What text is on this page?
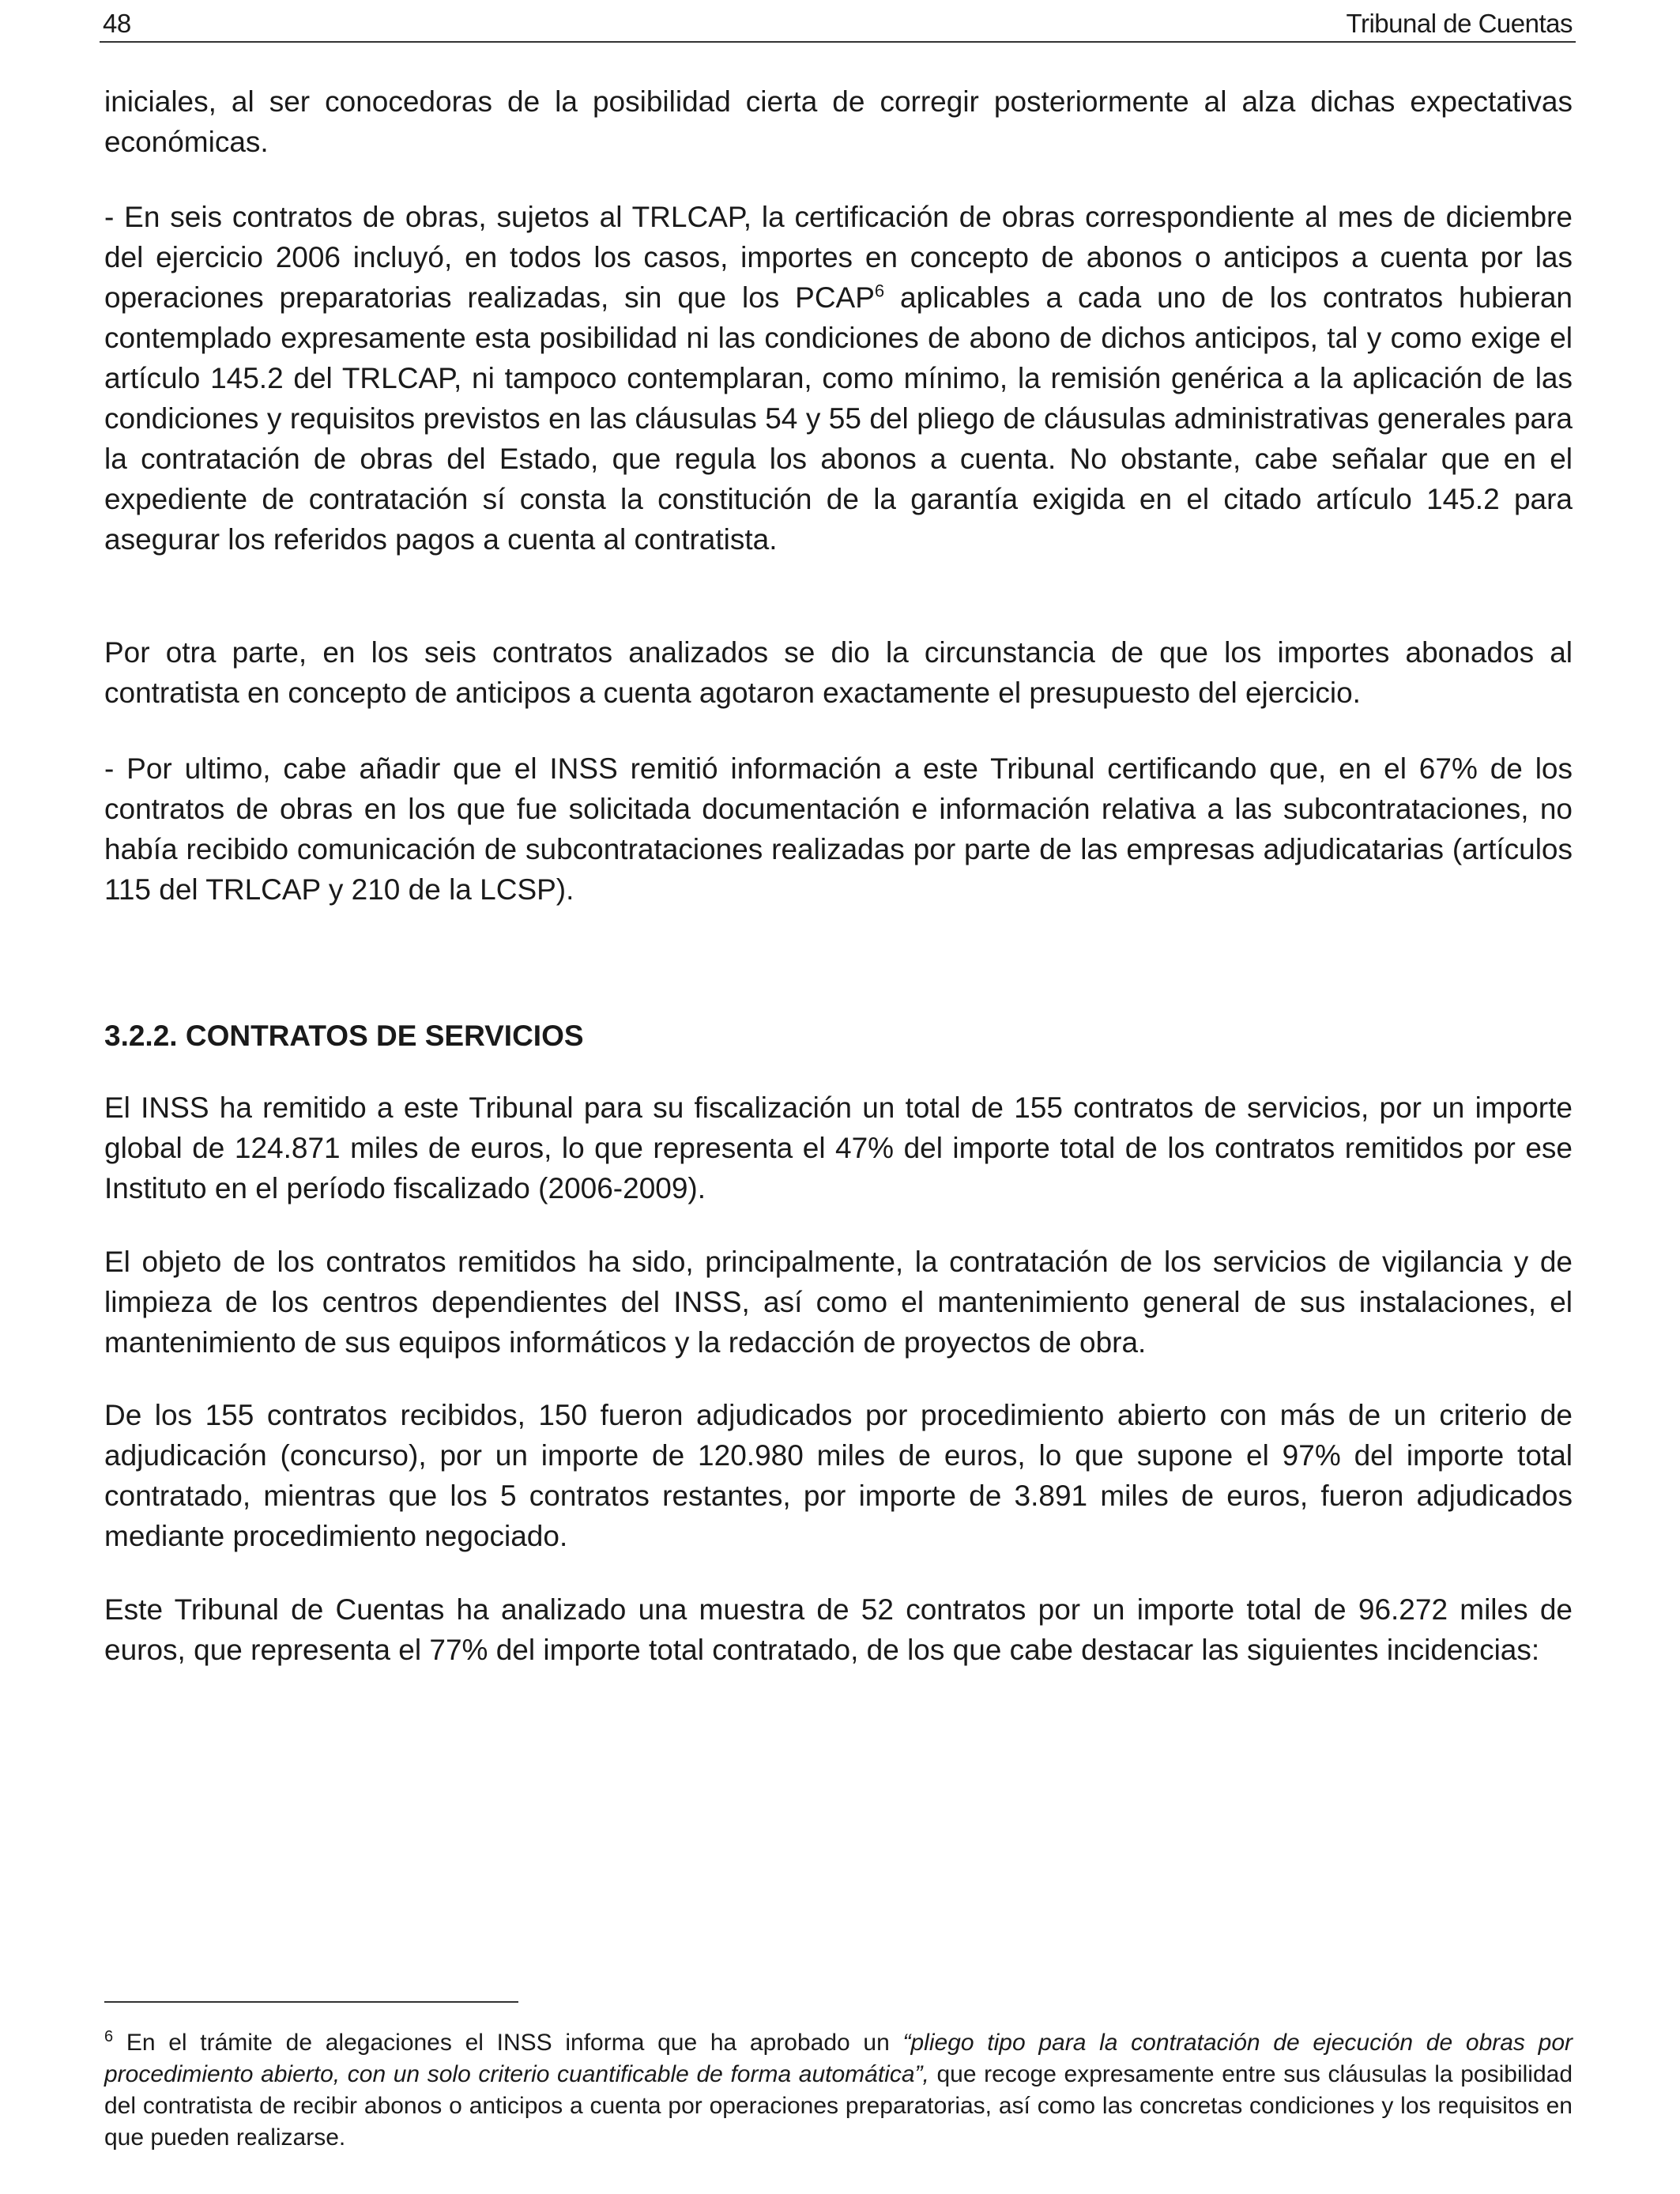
48	Tribunal de Cuentas

iniciales, al ser conocedoras de la posibilidad cierta de corregir posteriormente al alza dichas expectativas económicas.

- En seis contratos de obras, sujetos al TRLCAP, la certificación de obras correspondiente al mes de diciembre del ejercicio 2006 incluyó, en todos los casos, importes en concepto de abonos o anticipos a cuenta por las operaciones preparatorias realizadas, sin que los PCAP$^6$ aplicables a cada uno de los contratos hubieran contemplado expresamente esta posibilidad ni las condiciones de abono de dichos anticipos, tal y como exige el artículo 145.2 del TRLCAP, ni tampoco contemplaran, como mínimo, la remisión genérica a la aplicación de las condiciones y requisitos previstos en las cláusulas 54 y 55 del pliego de cláusulas administrativas generales para la contratación de obras del Estado, que regula los abonos a cuenta. No obstante, cabe señalar que en el expediente de contratación sí consta la constitución de la garantía exigida en el citado artículo 145.2 para asegurar los referidos pagos a cuenta al contratista.

Por otra parte, en los seis contratos analizados se dio la circunstancia de que los importes abonados al contratista en concepto de anticipos a cuenta agotaron exactamente el presupuesto del ejercicio.

- Por ultimo, cabe añadir que el INSS remitió información a este Tribunal certificando que, en el 67% de los contratos de obras en los que fue solicitada documentación e información relativa a las subcontrataciones, no había recibido comunicación de subcontrataciones realizadas por parte de las empresas adjudicatarias (artículos 115 del TRLCAP y 210 de la LCSP).

3.2.2. CONTRATOS DE SERVICIOS

El INSS ha remitido a este Tribunal para su fiscalización un total de 155 contratos de servicios, por un importe global de 124.871 miles de euros, lo que representa el 47% del importe total de los contratos remitidos por ese Instituto en el período fiscalizado (2006-2009).

El objeto de los contratos remitidos ha sido, principalmente, la contratación de los servicios de vigilancia y de limpieza de los centros dependientes del INSS, así como el mantenimiento general de sus instalaciones, el mantenimiento de sus equipos informáticos y la redacción de proyectos de obra.

De los 155 contratos recibidos, 150 fueron adjudicados por procedimiento abierto con más de un criterio de adjudicación (concurso), por un importe de 120.980 miles de euros, lo que supone el 97% del importe total contratado, mientras que los 5 contratos restantes, por importe de 3.891 miles de euros, fueron adjudicados mediante procedimiento negociado.

Este Tribunal de Cuentas ha analizado una muestra de 52 contratos por un importe total de 96.272 miles de euros, que representa el 77% del importe total contratado, de los que cabe destacar las siguientes incidencias:

$^6$ En el trámite de alegaciones el INSS informa que ha aprobado un “pliego tipo para la contratación de ejecución de obras por procedimiento abierto, con un solo criterio cuantificable de forma automática”, que recoge expresamente entre sus cláusulas la posibilidad del contratista de recibir abonos o anticipos a cuenta por operaciones preparatorias, así como las concretas condiciones y los requisitos en que pueden realizarse.
